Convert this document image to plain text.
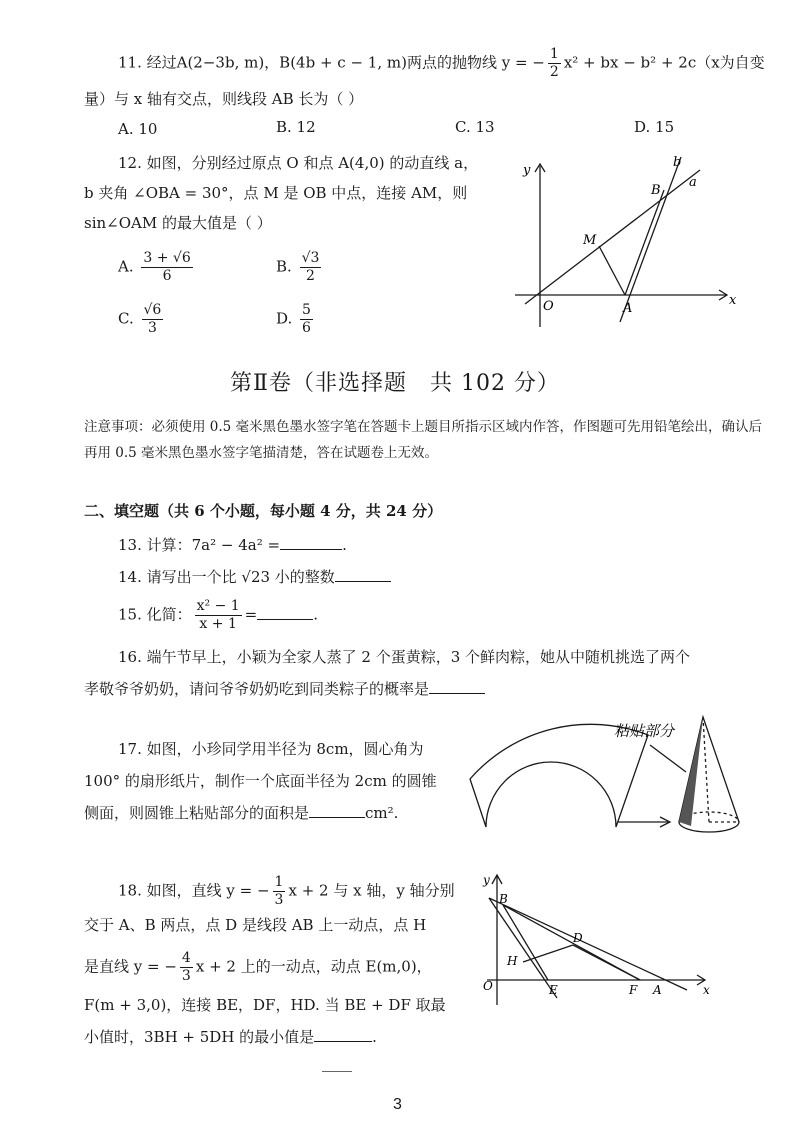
11. 经过A(2−3b, m)，B(4b + c − 1, m)两点的抛物线 y = − $\frac{1}{2} x^2$ + bx − b² + 2c（x为自变
量）与 x 轴有交点，则线段 AB 长为（ ）
A. 10	B. 12	C. 13	D. 15
12. 如图，分别经过原点 O 和点 A(4,0) 的动直线 a，
b 夹角 ∠OBA = 30°，点 M 是 OB 中点，连接 AM，则
sin∠OAM 的最大值是（ ）
A. $\frac{3 + √6}{6}$	B. $\frac{√3}{2}$
C. $\frac{√6}{3}$	D. $\frac{5}{6}$
y
x
O	A
B
M
a
b
第Ⅱ卷（非选择题　共 102 分）
注意事项：必须使用 0.5 毫米黑色墨水签字笔在答题卡上题目所指示区域内作答，作图题可先用铅笔绘出，确认后再用 0.5 毫米黑色墨水签字笔描清楚，答在试题卷上无效。
二、填空题（共 6 个小题，每小题 4 分，共 24 分）
13. 计算：7a² − 4a² =	.
14. 请写出一个比 √23 小的整数
15. 化简： $\frac{\text{x² − 1}}{x + 1}$ =	.
16. 端午节早上，小颖为全家人蒸了 2 个蛋黄粽，3 个鲜肉粽，她从中随机挑选了两个
孝敬爷爷奶奶，请问爷爷奶奶吃到同类粽子的概率是
17. 如图，小珍同学用半径为 8cm，圆心角为
100° 的扇形纸片，制作一个底面半径为 2cm 的圆锥
侧面，则圆锥上粘贴部分的面积是	cm².
粘贴部分
18. 如图，直线 y = − $\frac{1}{3}$ x + 2 与 x 轴，y 轴分别
交于 A、B 两点，点 D 是线段 AB 上一动点，点 H
是直线 y = − $\frac{4}{3}$ x + 2 上的一动点，动点 E(m,0)，
F(m + 3,0)，连接 BE，DF，HD. 当 BE + DF 取最
小值时，3BH + 5DH 的最小值是	.
y
x
O
B
D
H
E	F A
3
